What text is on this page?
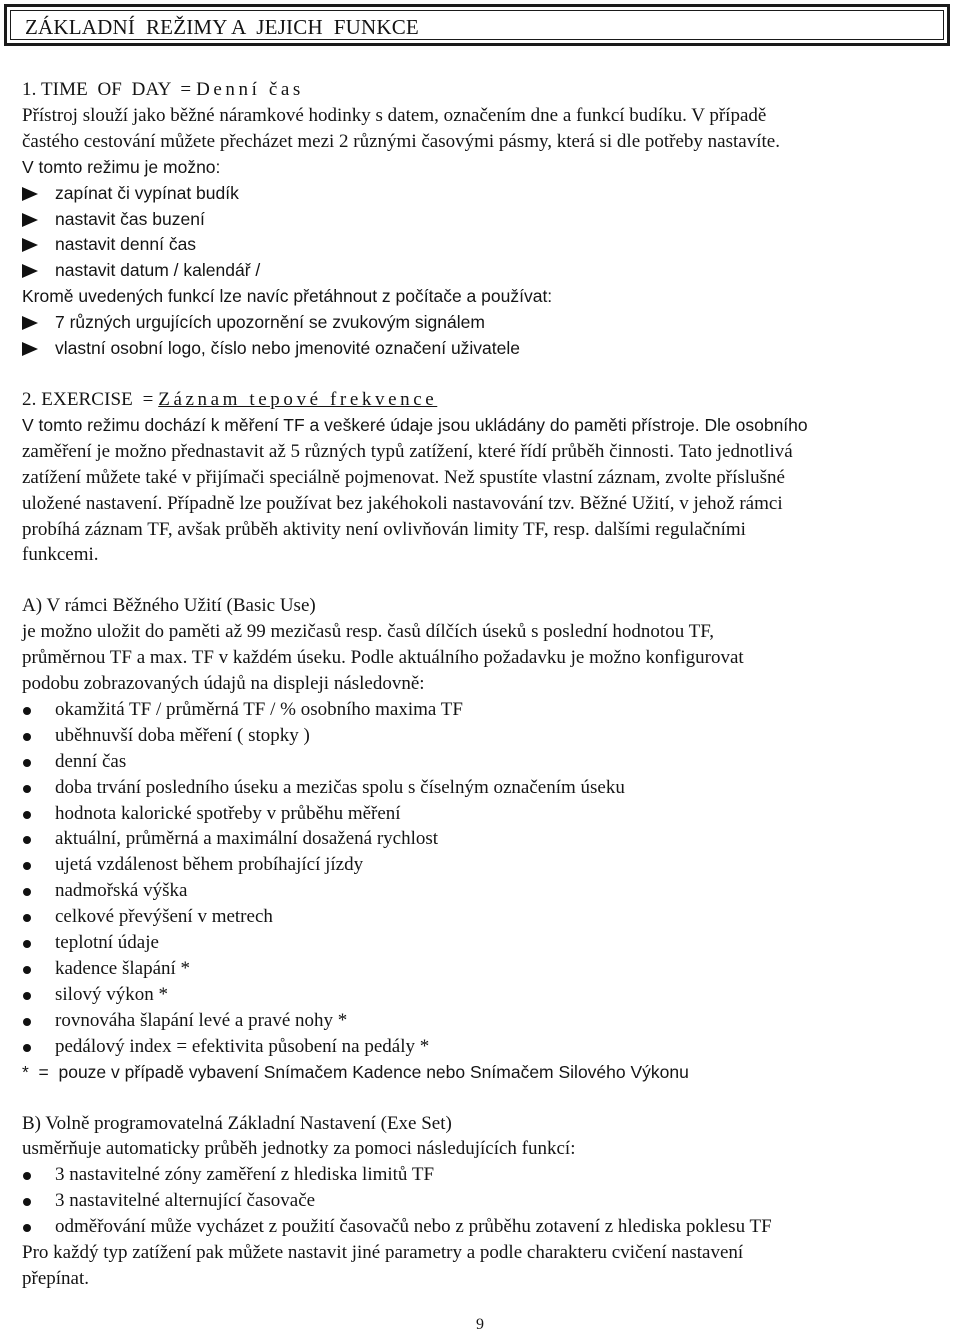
ZÁKLADNÍ  REŽIMY A  JEJICH  FUNKCE
1. TIME  OF  DAY  = Denní čas
Přístroj slouží jako běžné náramkové hodinky s datem, označením dne a funkcí budíku. V případě
častého cestování můžete přecházet mezi 2 různými časovými pásmy, která si dle potřeby nastavíte.
V tomto režimu je možno:
zapínat či vypínat budík
nastavit čas buzení
nastavit denní čas
nastavit datum / kalendář /
Kromě uvedených funkcí lze navíc přetáhnout z počítače a používat:
7 různých urgujících upozornění se zvukovým signálem
vlastní osobní logo, číslo nebo jmenovité označení uživatele
2. EXERCISE  = Záznam tepové frekvence
V tomto režimu dochází k měření TF a veškeré údaje jsou ukládány do paměti přístroje. Dle osobního
zaměření je možno přednastavit až 5 různých typů zatížení, které řídí průběh činnosti. Tato jednotlivá
zatížení můžete také v přijímači speciálně pojmenovat. Než spustíte vlastní záznam, zvolte příslušné
uložené nastavení. Případně lze používat bez jakéhokoli nastavování tzv. Běžné Užití, v jehož rámci
probíhá záznam TF, avšak průběh aktivity není ovlivňován limity TF, resp. dalšími regulačními
funkcemi.
A) V rámci Běžného Užití (Basic Use)
je možno uložit do paměti až 99 mezičasů resp. časů dílčích úseků s poslední hodnotou TF,
průměrnou TF a max. TF v každém úseku. Podle aktuálního požadavku je možno konfigurovat
podobu zobrazovaných údajů na displeji následovně:
okamžitá TF / průměrná TF / % osobního maxima TF
uběhnuvší doba měření ( stopky )
denní čas
doba trvání posledního úseku a mezičas spolu s číselným označením úseku
hodnota kalorické spotřeby v průběhu měření
aktuální, průměrná a maximální dosažená rychlost
ujetá vzdálenost během probíhající jízdy
nadmořská výška
celkové převýšení v metrech
teplotní údaje
kadence šlapání *
silový výkon *
rovnováha šlapání levé a pravé nohy *
pedálový index = efektivita působení na pedály *
*  =  pouze v případě vybavení Snímačem Kadence nebo Snímačem Silového Výkonu
B) Volně programovatelná Základní Nastavení (Exe Set)
usměrňuje automaticky průběh jednotky za pomoci následujících funkcí:
3 nastavitelné zóny zaměření z hlediska limitů TF
3 nastavitelné alternující časovače
odměřování může vycházet z použití časovačů nebo z průběhu zotavení z hlediska poklesu TF
Pro každý typ zatížení pak můžete nastavit jiné parametry a podle charakteru cvičení nastavení
přepínat.
9
